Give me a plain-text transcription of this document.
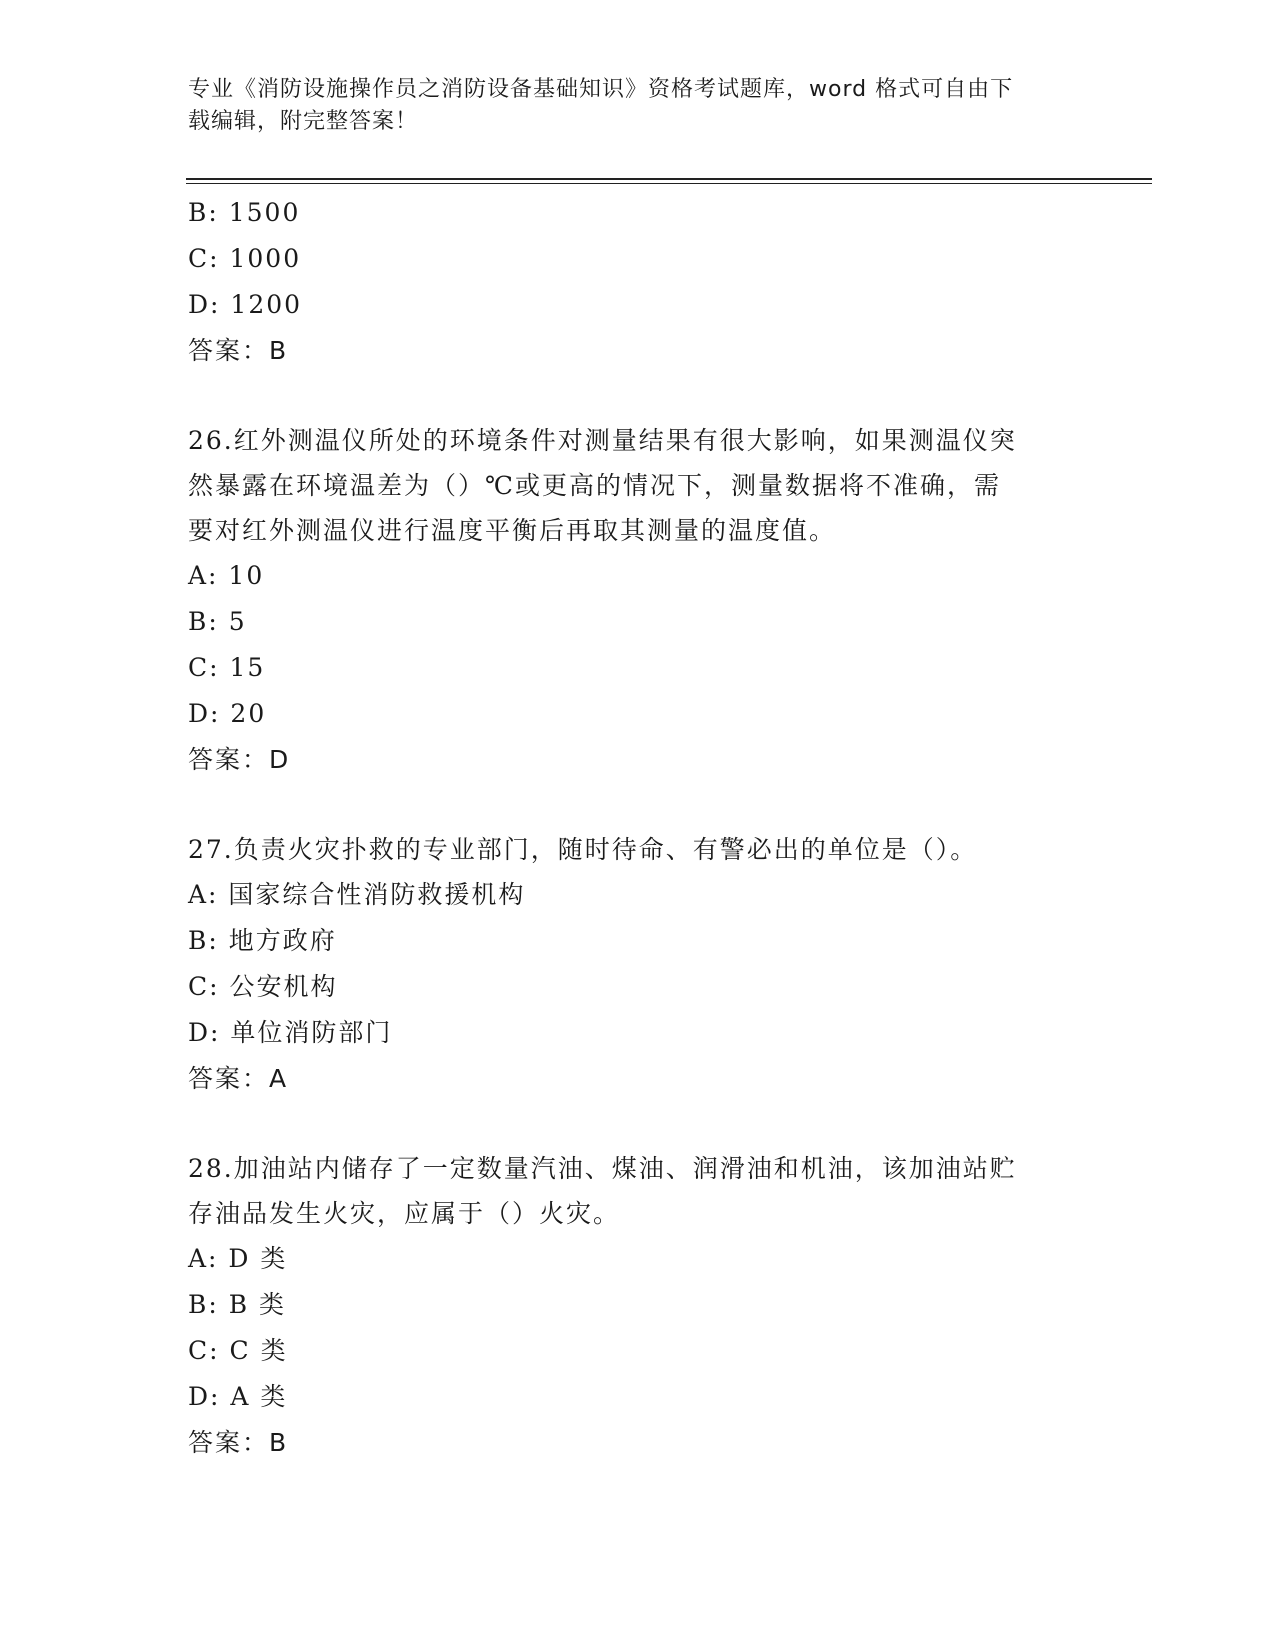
专业《消防设施操作员之消防设备基础知识》资格考试题库，word 格式可自由下
载编辑，附完整答案！
B: 1500
C: 1000
D: 1200
答案：B
26.红外测温仪所处的环境条件对测量结果有很大影响，如果测温仪突
然暴露在环境温差为（）℃或更高的情况下，测量数据将不准确，需
要对红外测温仪进行温度平衡后再取其测量的温度值。
A: 10
B: 5
C: 15
D: 20
答案：D
27.负责火灾扑救的专业部门，随时待命、有警必出的单位是（）。
A: 国家综合性消防救援机构
B: 地方政府
C: 公安机构
D: 单位消防部门
答案：A
28.加油站内储存了一定数量汽油、煤油、润滑油和机油，该加油站贮
存油品发生火灾，应属于（）火灾。
A: D 类
B: B 类
C: C 类
D: A 类
答案：B
